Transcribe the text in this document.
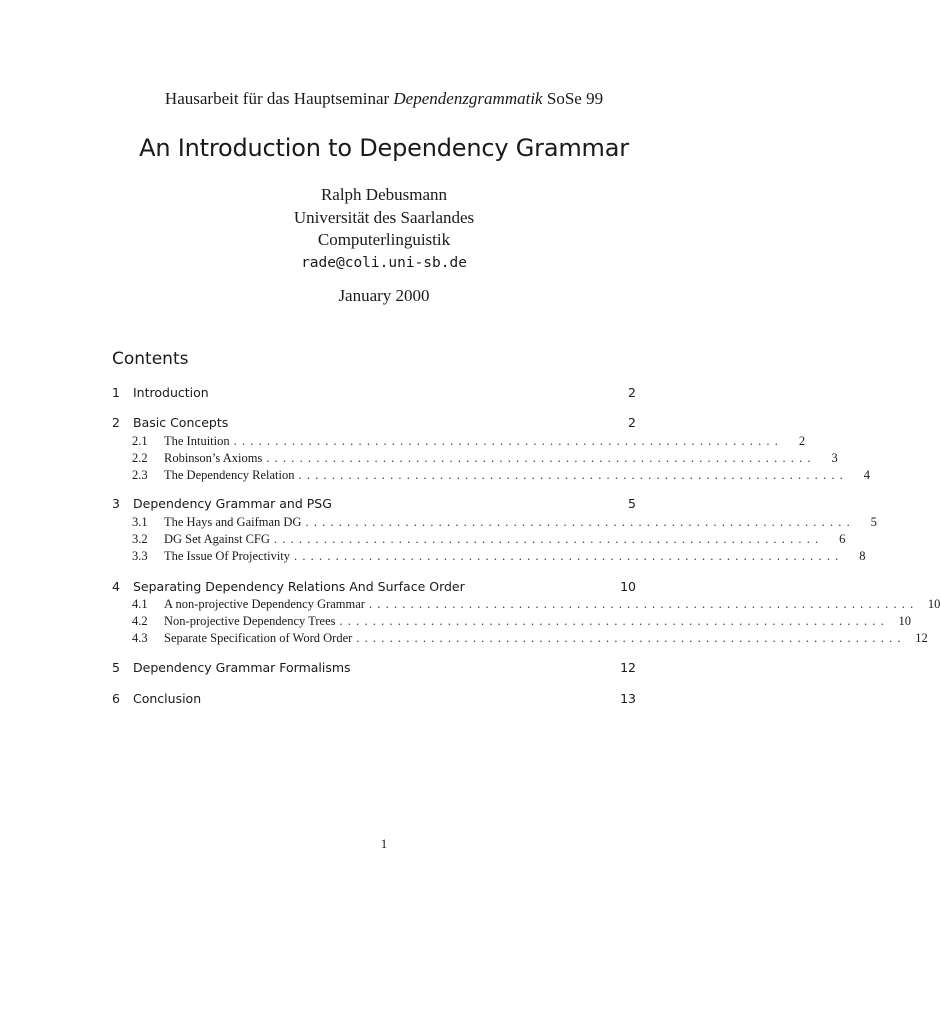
Hausarbeit für das Hauptseminar Dependenzgrammatik SoSe 99
An Introduction to Dependency Grammar
Ralph Debusmann
Universität des Saarlandes
Computerlinguistik
rade@coli.uni-sb.de
January 2000
Contents
1 Introduction	2
2 Basic Concepts	2
2.1	The Intuition ..................................................................	2
2.2	Robinson’s Axioms ..................................................................	3
2.3	The Dependency Relation ..................................................................	4
3 Dependency Grammar and PSG	5
3.1	The Hays and Gaifman DG ..................................................................	5
3.2	DG Set Against CFG ..................................................................	6
3.3	The Issue Of Projectivity ..................................................................	8
4 Separating Dependency Relations And Surface Order	10
4.1	A non-projective Dependency Grammar .................................................................. 10
4.2	Non-projective Dependency Trees .................................................................. 10
4.3	Separate Specification of Word Order .................................................................. 12
5 Dependency Grammar Formalisms	12
6 Conclusion	13
1
